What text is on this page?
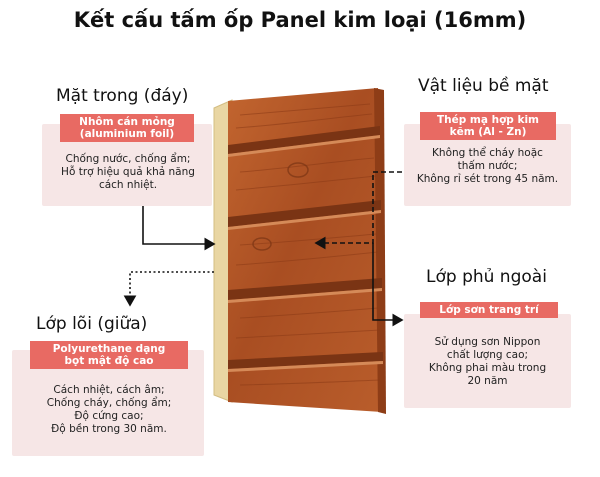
Kết cấu tấm ốp Panel kim loại (16mm)
Mặt trong (đáy)
Nhôm cán mỏng
(aluminium foil)
Chống nước, chống ẩm;
Hỗ trợ hiệu quả khả năng
cách nhiệt.
Vật liệu bề mặt
Thép mạ hợp kim
kẽm (Al - Zn)
Không thể cháy hoặc
thấm nước;
Không rỉ sét trong 45 năm.
Lớp lõi (giữa)
Polyurethane dạng
bọt mật độ cao
Cách nhiệt, cách âm;
Chống cháy, chống ẩm;
Độ cứng cao;
Độ bền trong 30 năm.
Lớp phủ ngoài
Lớp sơn trang trí
Sử dụng sơn Nippon
chất lượng cao;
Không phai màu trong
20 năm
